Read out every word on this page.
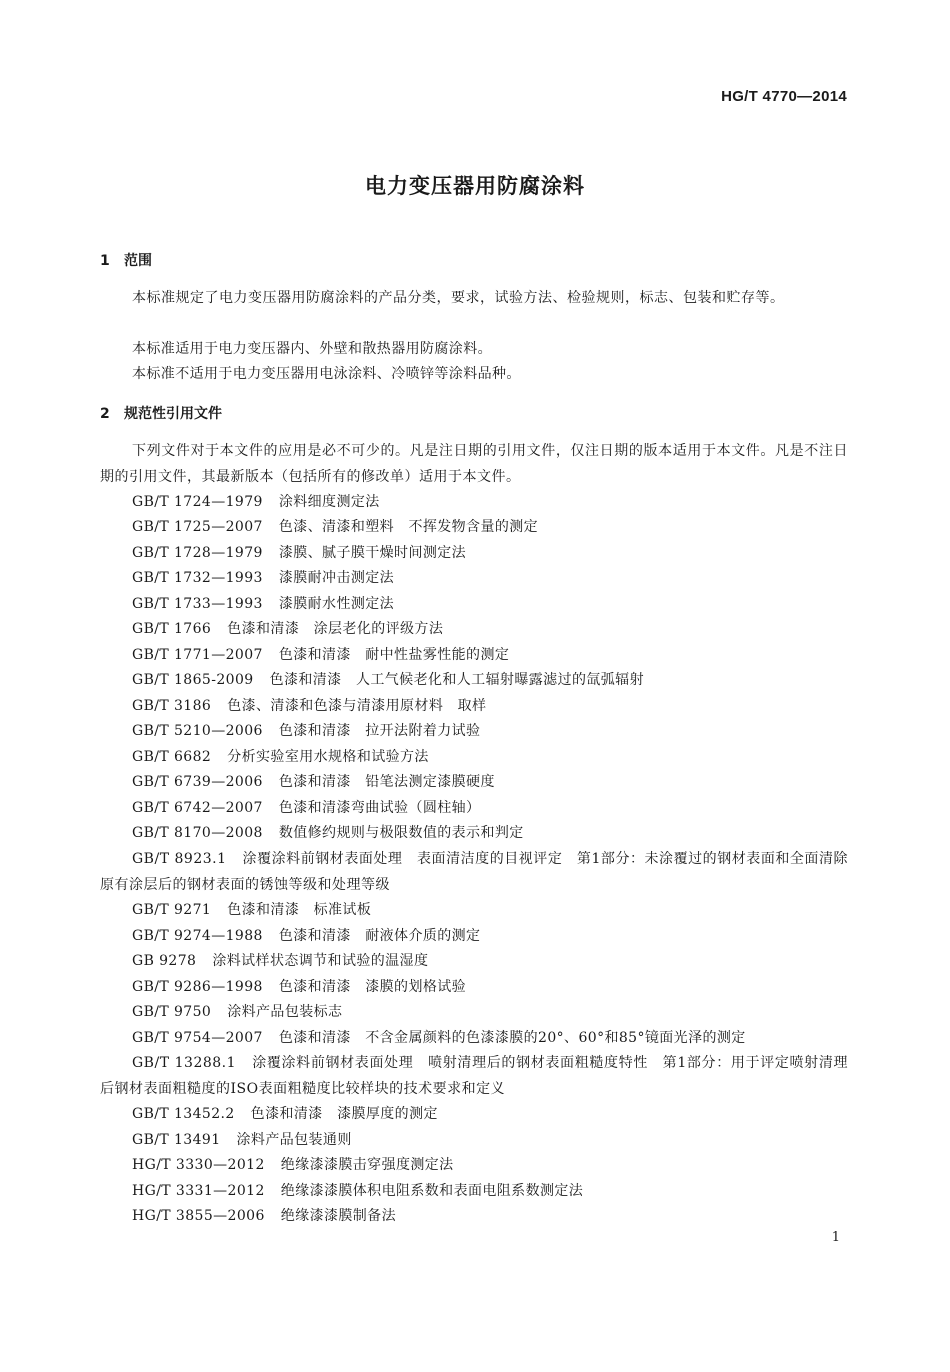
HG/T 4770—2014
电力变压器用防腐涂料
1 范围

本标准规定了电力变压器用防腐涂料的产品分类，要求，试验方法、检验规则，标志、包装和贮存等。

本标准适用于电力变压器内、外壁和散热器用防腐涂料。

本标准不适用于电力变压器用电泳涂料、冷喷锌等涂料品种。

2 规范性引用文件

下列文件对于本文件的应用是必不可少的。凡是注日期的引用文件，仅注日期的版本适用于本文件。凡是不注日期的引用文件，其最新版本（包括所有的修改单）适用于本文件。

GB/T 1724—1979 涂料细度测定法

GB/T 1725—2007 色漆、清漆和塑料　不挥发物含量的测定

GB/T 1728—1979 漆膜、腻子膜干燥时间测定法

GB/T 1732—1993 漆膜耐冲击测定法

GB/T 1733—1993 漆膜耐水性测定法

GB/T 1766 色漆和清漆　涂层老化的评级方法

GB/T 1771—2007 色漆和清漆　耐中性盐雾性能的测定

GB/T 1865-2009 色漆和清漆　人工气候老化和人工辐射曝露滤过的氙弧辐射

GB/T 3186 色漆、清漆和色漆与清漆用原材料　取样

GB/T 5210—2006 色漆和清漆　拉开法附着力试验

GB/T 6682 分析实验室用水规格和试验方法

GB/T 6739—2006 色漆和清漆　铅笔法测定漆膜硬度

GB/T 6742—2007 色漆和清漆弯曲试验（圆柱轴）

GB/T 8170—2008 数值修约规则与极限数值的表示和判定

GB/T 8923.1 涂覆涂料前钢材表面处理　表面清洁度的目视评定　第1部分：未涂覆过的钢材表面和全面清除原有涂层后的钢材表面的锈蚀等级和处理等级

GB/T 9271 色漆和清漆　标准试板

GB/T 9274—1988 色漆和清漆　耐液体介质的测定

GB 9278 涂料试样状态调节和试验的温湿度

GB/T 9286—1998 色漆和清漆　漆膜的划格试验

GB/T 9750 涂料产品包装标志

GB/T 9754—2007 色漆和清漆　不含金属颜料的色漆漆膜的20°、60°和85°镜面光泽的测定

GB/T 13288.1 涂覆涂料前钢材表面处理　喷射清理后的钢材表面粗糙度特性　第1部分：用于评定喷射清理后钢材表面粗糙度的ISO表面粗糙度比较样块的技术要求和定义

GB/T 13452.2 色漆和清漆　漆膜厚度的测定

GB/T 13491 涂料产品包装通则

HG/T 3330—2012 绝缘漆漆膜击穿强度测定法

HG/T 3331—2012 绝缘漆漆膜体积电阻系数和表面电阻系数测定法

HG/T 3855—2006 绝缘漆漆膜制备法

1
